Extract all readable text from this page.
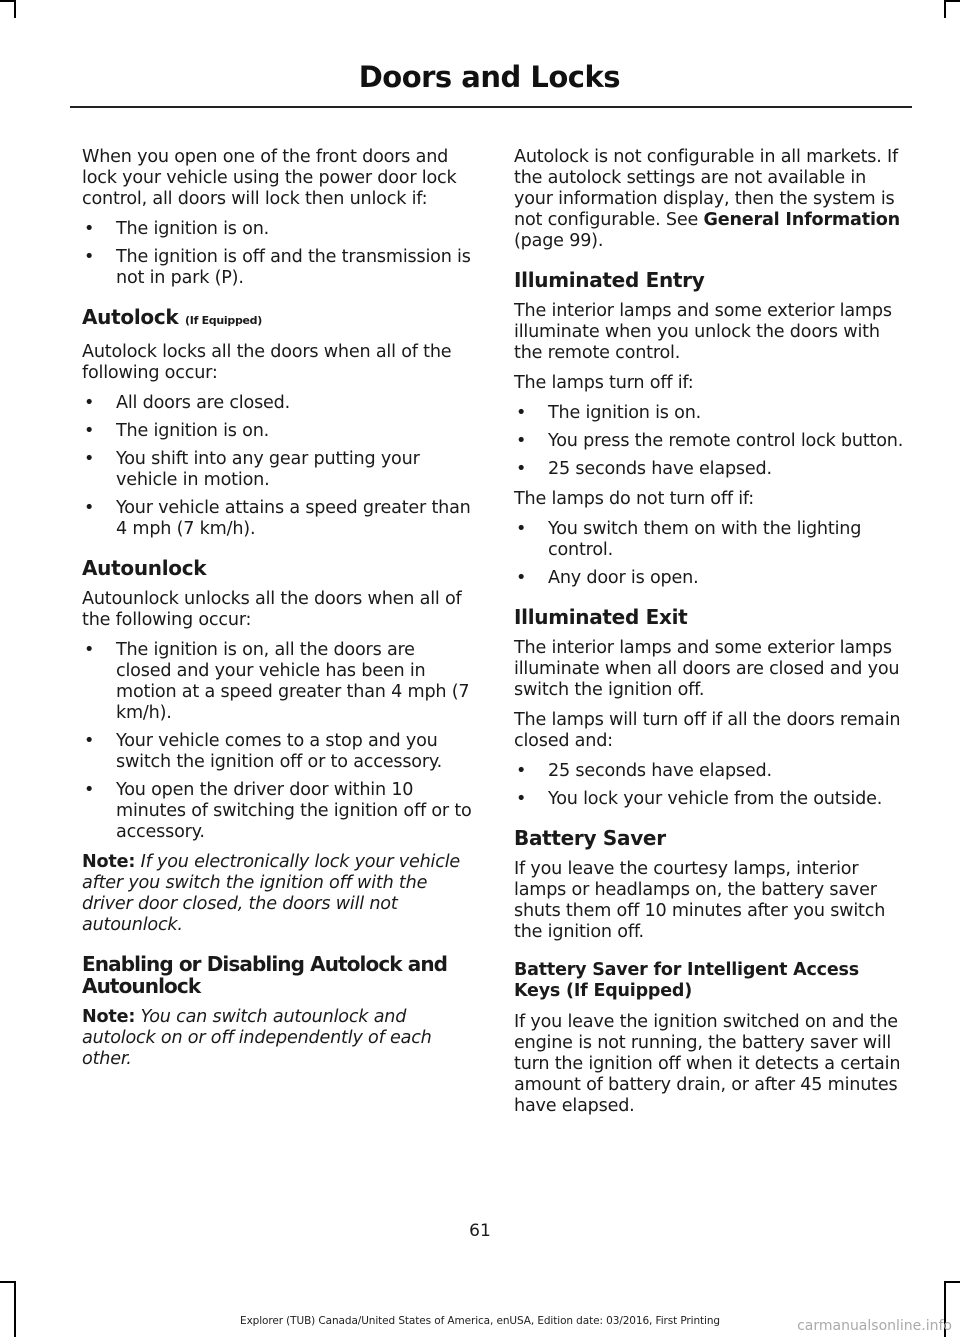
Doors and Locks

When you open one of the front doors and lock your vehicle using the power door lock control, all doors will lock then unlock if:

• The ignition is on.
• The ignition is off and the transmission is not in park (P).
Autolock (If Equipped)

Autolock locks all the doors when all of the following occur:

• All doors are closed.
• The ignition is on.
• You shift into any gear putting your vehicle in motion.
• Your vehicle attains a speed greater than 4 mph (7 km/h).
Autounlock

Autounlock unlocks all the doors when all of the following occur:

• The ignition is on, all the doors are closed and your vehicle has been in motion at a speed greater than 4 mph (7 km/h).
• Your vehicle comes to a stop and you switch the ignition off or to accessory.
• You open the driver door within 10 minutes of switching the ignition off or to accessory.

Note: If you electronically lock your vehicle after you switch the ignition off with the driver door closed, the doors will not autounlock.

Enabling or Disabling Autolock and Autounlock

Note: You can switch autounlock and autolock on or off independently of each other.

Autolock is not configurable in all markets. If the autolock settings are not available in your information display, then the system is not configurable. See General Information (page 99).

Illuminated Entry

The interior lamps and some exterior lamps illuminate when you unlock the doors with the remote control.

The lamps turn off if:

• The ignition is on.
• You press the remote control lock button.
• 25 seconds have elapsed.

The lamps do not turn off if:

• You switch them on with the lighting control.
• Any door is open.
Illuminated Exit

The interior lamps and some exterior lamps illuminate when all doors are closed and you switch the ignition off.

The lamps will turn off if all the doors remain closed and:

• 25 seconds have elapsed.
• You lock your vehicle from the outside.
Battery Saver

If you leave the courtesy lamps, interior lamps or headlamps on, the battery saver shuts them off 10 minutes after you switch the ignition off.

Battery Saver for Intelligent Access Keys (If Equipped)

If you leave the ignition switched on and the engine is not running, the battery saver will turn the ignition off when it detects a certain amount of battery drain, or after 45 minutes have elapsed.

61
Explorer (TUB) Canada/United States of America, enUSA, Edition date: 03/2016, First Printing	carmanualsonline.info
